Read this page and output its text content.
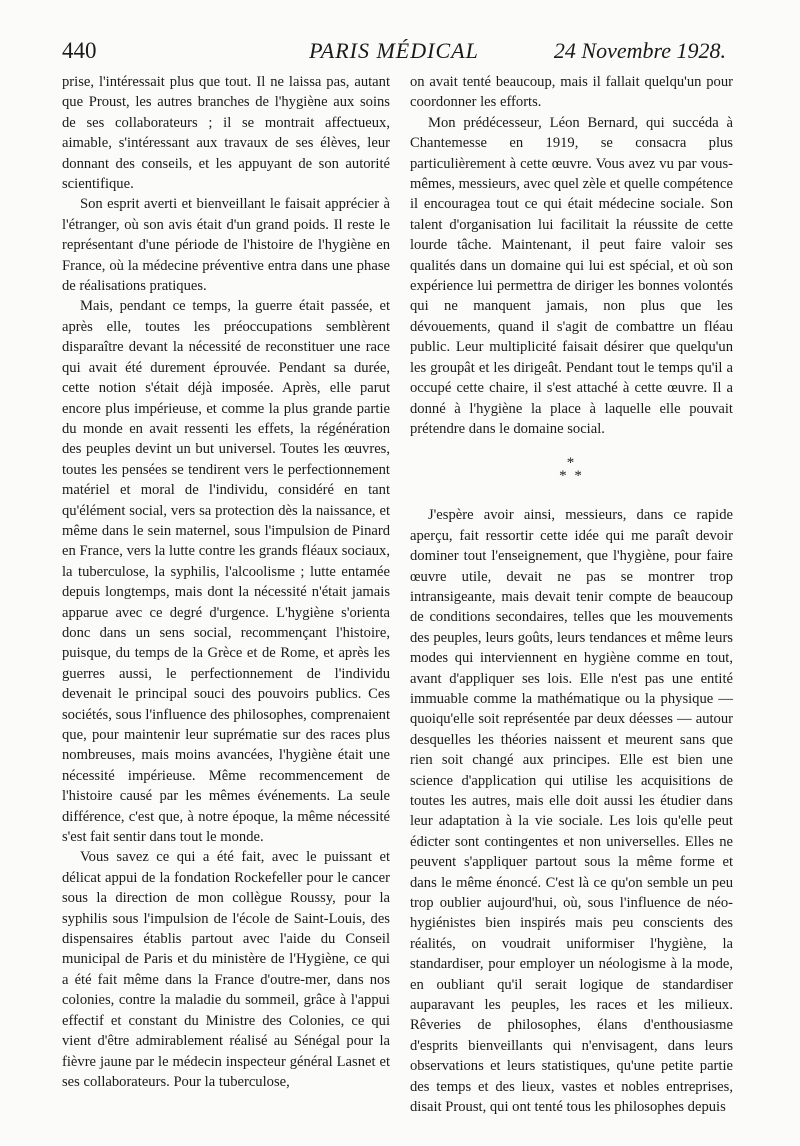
440	PARIS MÉDICAL	24 Novembre 1928.

prise, l'intéressait plus que tout. Il ne laissa pas, autant que Proust, les autres branches de l'hygiène aux soins de ses collaborateurs ; il se montrait affectueux, aimable, s'intéressant aux travaux de ses élèves, leur donnant des conseils, et les appuyant de son autorité scientifique.

Son esprit averti et bienveillant le faisait apprécier à l'étranger, où son avis était d'un grand poids. Il reste le représentant d'une période de l'histoire de l'hygiène en France, où la médecine préventive entra dans une phase de réalisations pratiques.

Mais, pendant ce temps, la guerre était passée, et après elle, toutes les préoccupations semblèrent disparaître devant la nécessité de reconstituer une race qui avait été durement éprouvée. Pendant sa durée, cette notion s'était déjà imposée. Après, elle parut encore plus impérieuse, et comme la plus grande partie du monde en avait ressenti les effets, la régénération des peuples devint un but universel. Toutes les œuvres, toutes les pensées se tendirent vers le perfectionnement matériel et moral de l'individu, considéré en tant qu'élément social, vers sa protection dès la naissance, et même dans le sein maternel, sous l'impulsion de Pinard en France, vers la lutte contre les grands fléaux sociaux, la tuberculose, la syphilis, l'alcoolisme ; lutte entamée depuis longtemps, mais dont la nécessité n'était jamais apparue avec ce degré d'urgence. L'hygiène s'orienta donc dans un sens social, recommençant l'histoire, puisque, du temps de la Grèce et de Rome, et après les guerres aussi, le perfectionnement de l'individu devenait le principal souci des pouvoirs publics. Ces sociétés, sous l'influence des philosophes, comprenaient que, pour maintenir leur suprématie sur des races plus nombreuses, mais moins avancées, l'hygiène était une nécessité impérieuse. Même recommencement de l'histoire causé par les mêmes événements. La seule différence, c'est que, à notre époque, la même nécessité s'est fait sentir dans tout le monde.

Vous savez ce qui a été fait, avec le puissant et délicat appui de la fondation Rockefeller pour le cancer sous la direction de mon collègue Roussy, pour la syphilis sous l'impulsion de l'école de Saint-Louis, des dispensaires établis partout avec l'aide du Conseil municipal de Paris et du ministère de l'Hygiène, ce qui a été fait même dans la France d'outre-mer, dans nos colonies, contre la maladie du sommeil, grâce à l'appui effectif et constant du Ministre des Colonies, ce qui vient d'être admirablement réalisé au Sénégal pour la fièvre jaune par le médecin inspecteur général Lasnet et ses collaborateurs. Pour la tuberculose,

on avait tenté beaucoup, mais il fallait quelqu'un pour coordonner les efforts.

Mon prédécesseur, Léon Bernard, qui succéda à Chantemesse en 1919, se consacra plus particulièrement à cette œuvre. Vous avez vu par vous-mêmes, messieurs, avec quel zèle et quelle compétence il encouragea tout ce qui était médecine sociale. Son talent d'organisation lui facilitait la réussite de cette lourde tâche. Maintenant, il peut faire valoir ses qualités dans un domaine qui lui est spécial, et où son expérience lui permettra de diriger les bonnes volontés qui ne manquent jamais, non plus que les dévouements, quand il s'agit de combattre un fléau public. Leur multiplicité faisait désirer que quelqu'un les groupât et les dirigeât. Pendant tout le temps qu'il a occupé cette chaire, il s'est attaché à cette œuvre. Il a donné à l'hygiène la place à laquelle elle pouvait prétendre dans le domaine social.

*
* *

J'espère avoir ainsi, messieurs, dans ce rapide aperçu, fait ressortir cette idée qui me paraît devoir dominer tout l'enseignement, que l'hygiène, pour faire œuvre utile, devait ne pas se montrer trop intransigeante, mais devait tenir compte de beaucoup de conditions secondaires, telles que les mouvements des peuples, leurs goûts, leurs tendances et même leurs modes qui interviennent en hygiène comme en tout, avant d'appliquer ses lois. Elle n'est pas une entité immuable comme la mathématique ou la physique — quoiqu'elle soit représentée par deux déesses — autour desquelles les théories naissent et meurent sans que rien soit changé aux principes. Elle est bien une science d'application qui utilise les acquisitions de toutes les autres, mais elle doit aussi les étudier dans leur adaptation à la vie sociale. Les lois qu'elle peut édicter sont contingentes et non universelles. Elles ne peuvent s'appliquer partout sous la même forme et dans le même énoncé. C'est là ce qu'on semble un peu trop oublier aujourd'hui, où, sous l'influence de néo-hygiénistes bien inspirés mais peu conscients des réalités, on voudrait uniformiser l'hygiène, la standardiser, pour employer un néologisme à la mode, en oubliant qu'il serait logique de standardiser auparavant les peuples, les races et les milieux. Rêveries de philosophes, élans d'enthousiasme d'esprits bienveillants qui n'envisagent, dans leurs observations et leurs statistiques, qu'une petite partie des temps et des lieux, vastes et nobles entreprises, disait Proust, qui ont tenté tous les philosophes depuis
